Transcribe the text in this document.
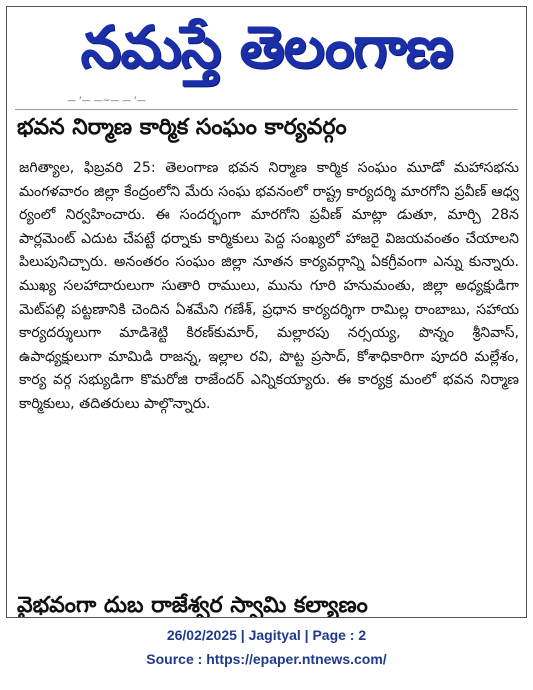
నమస్తే తెలంగాణ
— ‘— —~— — ‘—
భవన నిర్మాణ కార్మిక సంఘం కార్యవర్గం
జగిత్యాల, ఫిబ్రవరి 25: తెలంగాణ భవన నిర్మాణ కార్మిక సంఘం మూడో మహాసభను మంగళవారం జిల్లా కేంద్రంలోని మేరు సంఘ భవనంలో రాష్ట్ర కార్యదర్శి మారగోని ప్రవీణ్ ఆధ్వ ర్యంలో నిర్వహించారు. ఈ సందర్భంగా మారగోని ప్రవీణ్ మాట్లా డుతూ, మార్చి 28న పార్లమెంట్ ఎదుట చేపట్టే ధర్నాకు కార్మికులు పెద్ద సంఖ్యలో హాజరై విజయవంతం చేయాలని పిలుపునిచ్చారు. అనంతరం సంఘం జిల్లా నూతన కార్యవర్గాన్ని ఏకగ్రీవంగా ఎన్ను కున్నారు. ముఖ్య సలహాదారులుగా సుతారి రాములు, మును గూరి హనుమంతు, జిల్లా అధ్యక్షుడిగా మెట్‌పల్లి పట్టణానికి చెందిన ఏశమేని గణేశ్, ప్రధాన కార్యదర్శిగా రామిల్ల రాంబాబు, సహాయ కార్యదర్శులుగా మాడిశెట్టి కిరణ్‌కుమార్, మల్లారపు నర్సయ్య, పొన్నం శ్రీనివాస్, ఉపాధ్యక్షులుగా మామిడి రాజన్న, ఇల్లాల రవి, పొట్ట ప్రసాద్, కోశాధికారిగా పూదరి మల్లేశం, కార్య వర్గ సభ్యుడిగా కొమరోజి రాజేందర్ ఎన్నికయ్యారు. ఈ కార్యక్ర మంలో భవన నిర్మాణ కార్మికులు, తదితరులు పాల్గొన్నారు.
వైభవంగా దుబ రాజేశ్వర స్వామి కల్యాణం
26/02/2025 | Jagityal | Page : 2
Source : https://epaper.ntnews.com/
